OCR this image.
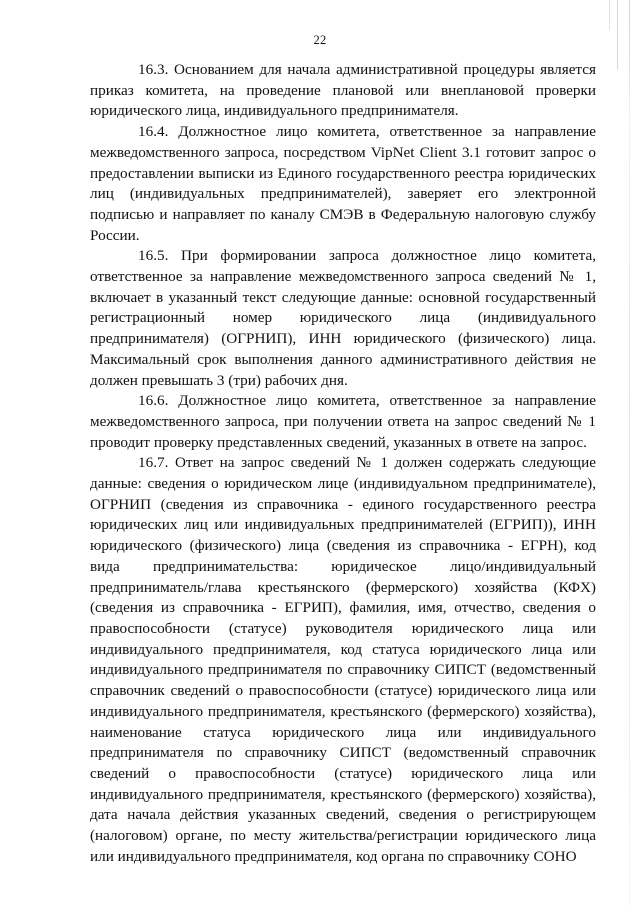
22

16.3. Основанием для начала административной процедуры является приказ комитета, на проведение плановой или внеплановой проверки юридического лица, индивидуального предпринимателя.

16.4. Должностное лицо комитета, ответственное за направление межведомственного запроса, посредством VipNet Client 3.1 готовит запрос о предоставлении выписки из Единого государственного реестра юридических лиц (индивидуальных предпринимателей), заверяет его электронной подписью и направляет по каналу СМЭВ в Федеральную налоговую службу России.

16.5. При формировании запроса должностное лицо комитета, ответственное за направление межведомственного запроса сведений № 1, включает в указанный текст следующие данные: основной государственный регистрационный номер юридического лица (индивидуального предпринимателя) (ОГРНИП), ИНН юридического (физического) лица. Максимальный срок выполнения данного административного действия не должен превышать 3 (три) рабочих дня.

16.6. Должностное лицо комитета, ответственное за направление межведомственного запроса, при получении ответа на запрос сведений № 1 проводит проверку представленных сведений, указанных в ответе на запрос.

16.7. Ответ на запрос сведений № 1 должен содержать следующие данные: сведения о юридическом лице (индивидуальном предпринимателе), ОГРНИП (сведения из справочника - единого государственного реестра юридических лиц или индивидуальных предпринимателей (ЕГРИП)), ИНН юридического (физического) лица (сведения из справочника - ЕГРН), код вида предпринимательства: юридическое лицо/индивидуальный предприниматель/глава крестьянского (фермерского) хозяйства (КФХ) (сведения из справочника - ЕГРИП), фамилия, имя, отчество, сведения о правоспособности (статусе) руководителя юридического лица или индивидуального предпринимателя, код статуса юридического лица или индивидуального предпринимателя по справочнику СИПСТ (ведомственный справочник сведений о правоспособности (статусе) юридического лица или индивидуального предпринимателя, крестьянского (фермерского) хозяйства), наименование статуса юридического лица или индивидуального предпринимателя по справочнику СИПСТ (ведомственный справочник сведений о правоспособности (статусе) юридического лица или индивидуального предпринимателя, крестьянского (фермерского) хозяйства), дата начала действия указанных сведений, сведения о регистрирующем (налоговом) органе, по месту жительства/регистрации юридического лица или индивидуального предпринимателя, код органа по справочнику СОНО
